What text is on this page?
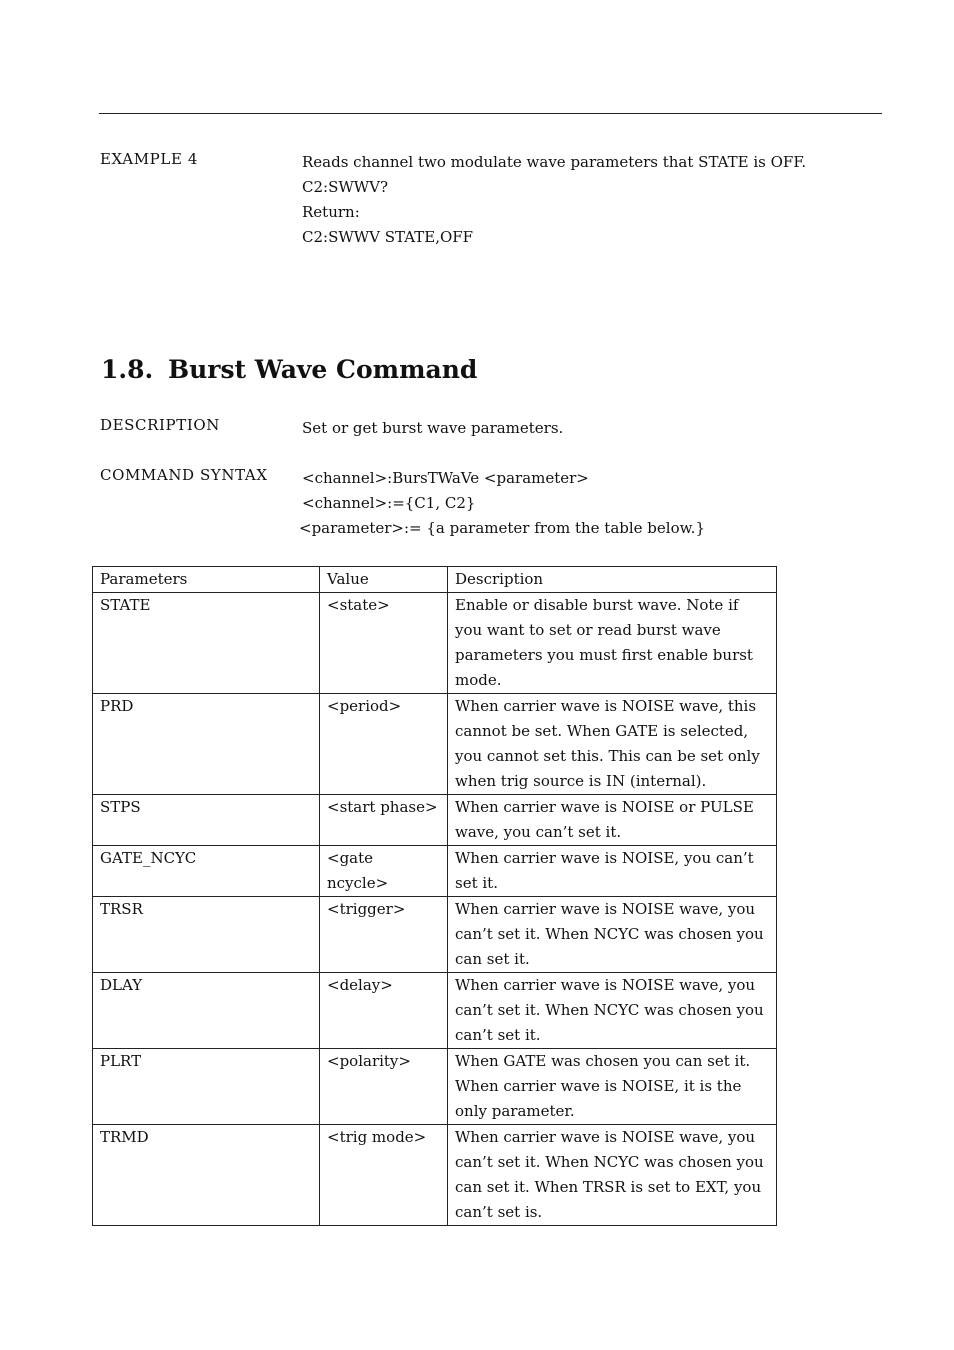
EXAMPLE 4	Reads channel two modulate wave parameters that STATE is OFF.
C2:SWWV?
Return:
C2:SWWV STATE,OFF
1.8. Burst Wave Command
DESCRIPTION	Set or get burst wave parameters.
COMMAND SYNTAX <channel>:BursTWaVe <parameter>
<channel>:={C1, C2}
<parameter>:= {a parameter from the table below.}
Parameters	Value	Description
STATE	<state>	Enable or disable burst wave. Note if you want to set or read burst wave parameters you must first enable burst mode.
PRD	<period>	When carrier wave is NOISE wave, this cannot be set. When GATE is selected, you cannot set this. This can be set only when trig source is IN (internal).
STPS	<start phase>	When carrier wave is NOISE or PULSE wave, you can’t set it.
GATE_NCYC	<gate ncycle>	When carrier wave is NOISE, you can’t set it.
TRSR	<trigger>	When carrier wave is NOISE wave, you can’t set it. When NCYC was chosen you can set it.
DLAY	<delay>	When carrier wave is NOISE wave, you can’t set it. When NCYC was chosen you can’t set it.
PLRT	<polarity>	When GATE was chosen you can set it. When carrier wave is NOISE, it is the only parameter.
TRMD	<trig mode>	When carrier wave is NOISE wave, you can’t set it. When NCYC was chosen you can set it. When TRSR is set to EXT, you can’t set is.
